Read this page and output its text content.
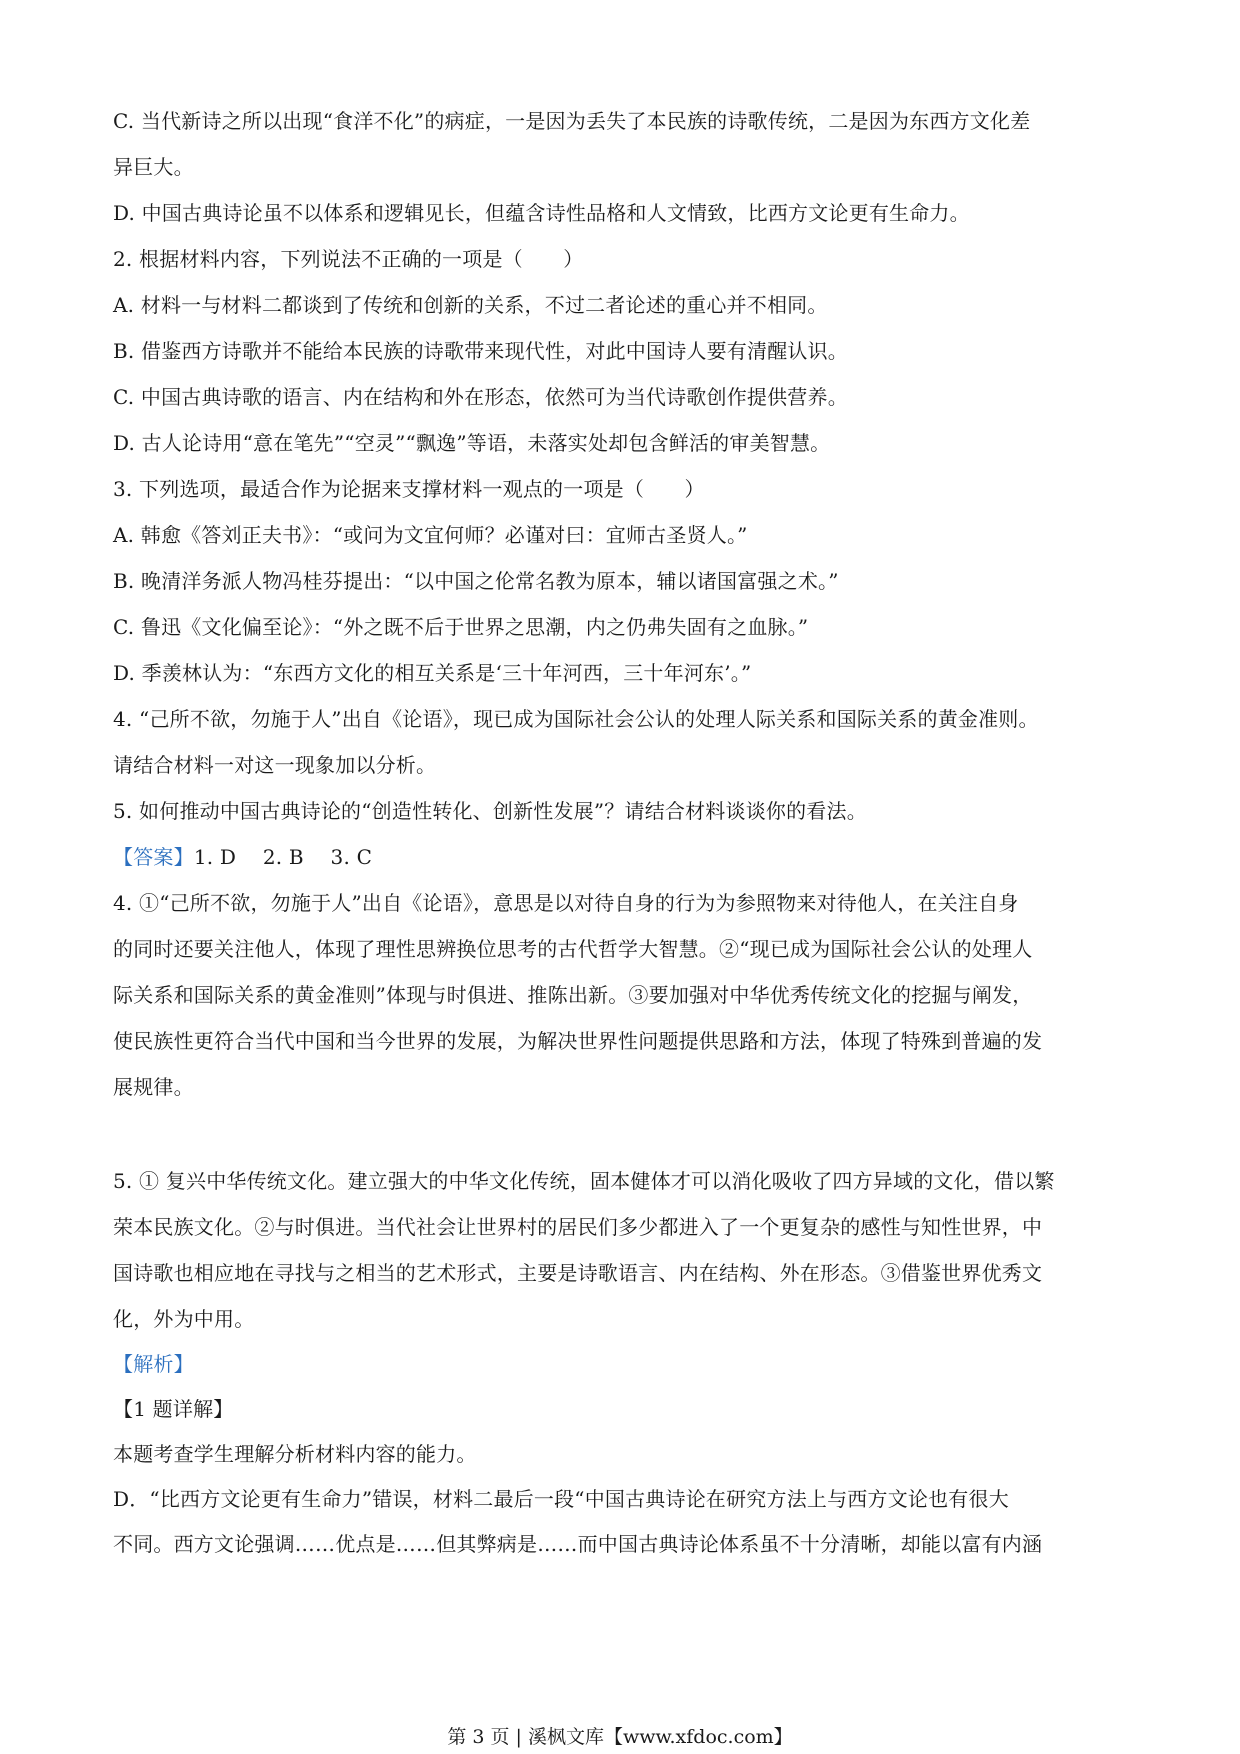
C. 当代新诗之所以出现“食洋不化”的病症，一是因为丢失了本民族的诗歌传统，二是因为东西方文化差

异巨大。

D. 中国古典诗论虽不以体系和逻辑见长，但蕴含诗性品格和人文情致，比西方文论更有生命力。

2. 根据材料内容，下列说法不正确的一项是（　　）

A. 材料一与材料二都谈到了传统和创新的关系，不过二者论述的重心并不相同。

B. 借鉴西方诗歌并不能给本民族的诗歌带来现代性，对此中国诗人要有清醒认识。

C. 中国古典诗歌的语言、内在结构和外在形态，依然可为当代诗歌创作提供营养。

D. 古人论诗用“意在笔先”“空灵”“飘逸”等语，未落实处却包含鲜活的审美智慧。

3. 下列选项，最适合作为论据来支撑材料一观点的一项是（　　）

A. 韩愈《答刘正夫书》：“或问为文宜何师？必谨对曰：宜师古圣贤人。”

B. 晚清洋务派人物冯桂芬提出：“以中国之伦常名教为原本，辅以诸国富强之术。”

C. 鲁迅《文化偏至论》：“外之既不后于世界之思潮，内之仍弗失固有之血脉。”

D. 季羡林认为：“东西方文化的相互关系是‘三十年河西，三十年河东’。”

4. “己所不欲，勿施于人”出自《论语》，现已成为国际社会公认的处理人际关系和国际关系的黄金准则。

请结合材料一对这一现象加以分析。

5. 如何推动中国古典诗论的“创造性转化、创新性发展”？请结合材料谈谈你的看法。

【答案】1. D　 2. B　 3. C

4. ①“己所不欲，勿施于人”出自《论语》，意思是以对待自身的行为为参照物来对待他人，在关注自身

的同时还要关注他人，体现了理性思辨换位思考的古代哲学大智慧。②“现已成为国际社会公认的处理人

际关系和国际关系的黄金准则”体现与时俱进、推陈出新。③要加强对中华优秀传统文化的挖掘与阐发，

使民族性更符合当代中国和当今世界的发展，为解决世界性问题提供思路和方法，体现了特殊到普遍的发

展规律。

5. ① 复兴中华传统文化。建立强大的中华文化传统，固本健体才可以消化吸收了四方异域的文化，借以繁

荣本民族文化。②与时俱进。当代社会让世界村的居民们多少都进入了一个更复杂的感性与知性世界，中

国诗歌也相应地在寻找与之相当的艺术形式，主要是诗歌语言、内在结构、外在形态。③借鉴世界优秀文

化，外为中用。

【解析】

【1 题详解】

本题考查学生理解分析材料内容的能力。

D．“比西方文论更有生命力”错误，材料二最后一段“中国古典诗论在研究方法上与西方文论也有很大

不同。西方文论强调……优点是……但其弊病是……而中国古典诗论体系虽不十分清晰，却能以富有内涵

第 3 页 | 溪枫文库【www.xfdoc.com】
